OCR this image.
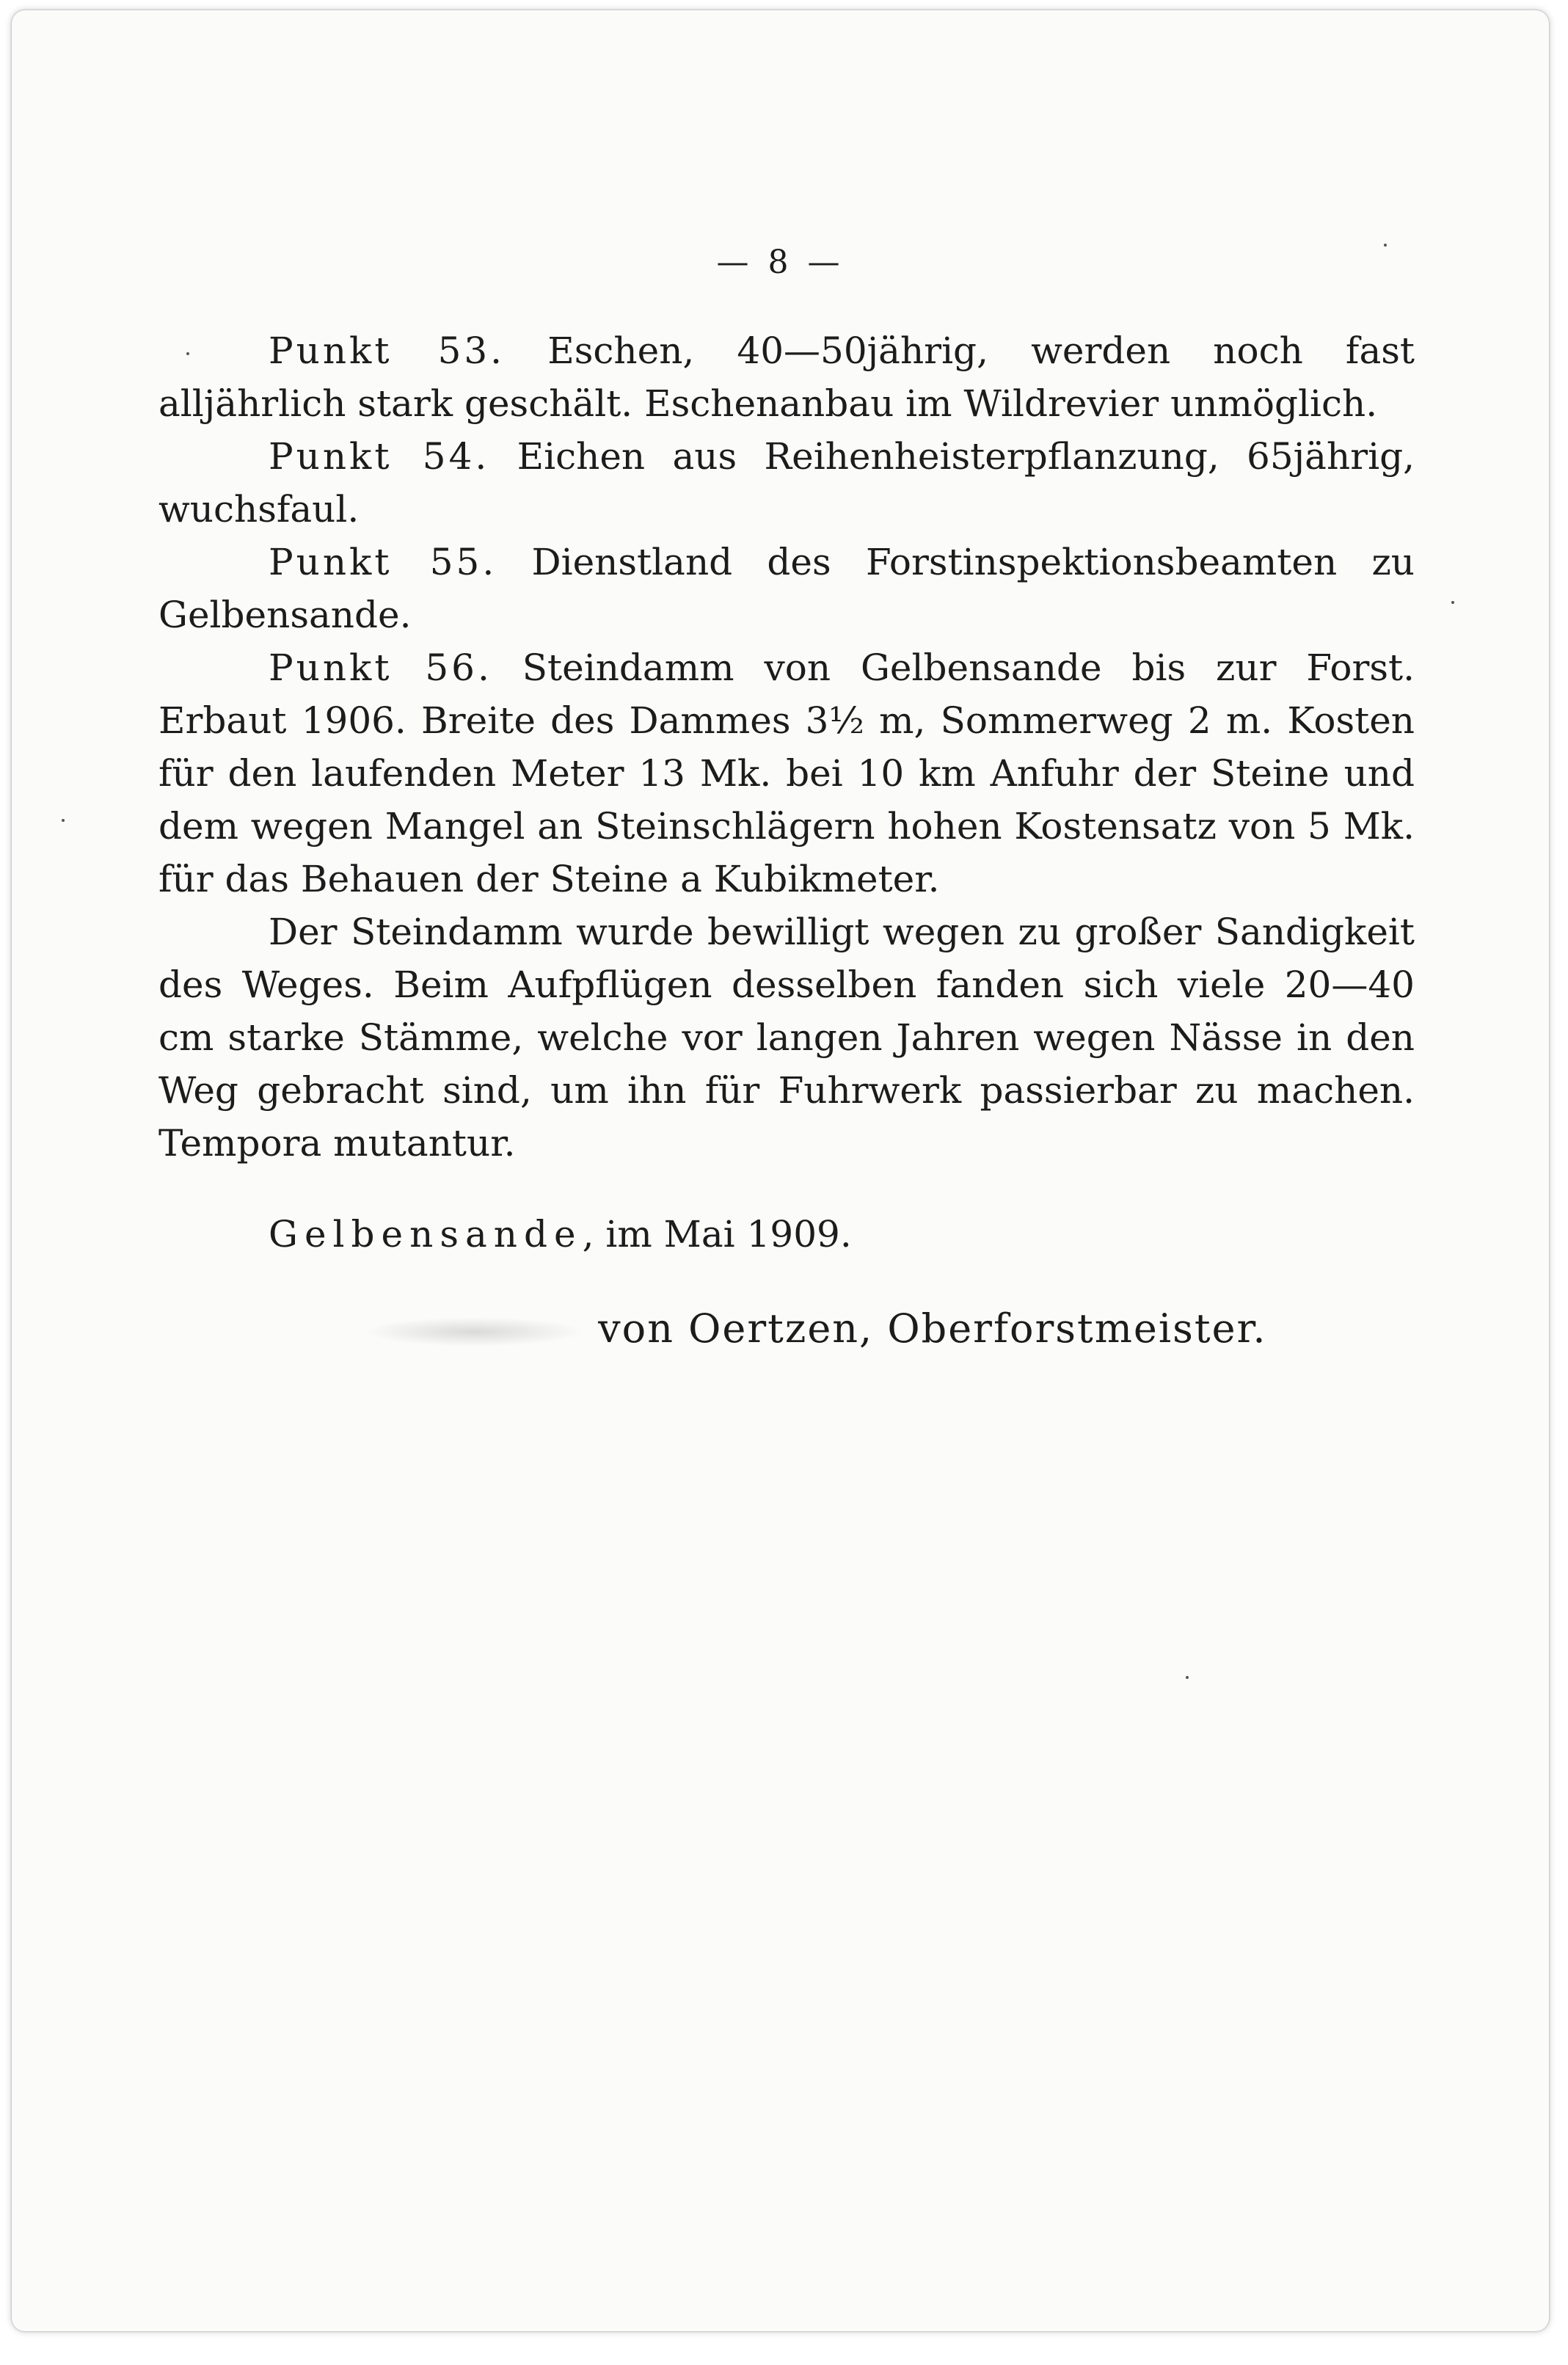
— 8 —

Punkt 53. Eschen, 40—50jährig, werden noch fast alljährlich stark geschält. Eschenanbau im Wildrevier unmöglich.

Punkt 54. Eichen aus Reihenheisterpflanzung, 65jährig, wuchsfaul.

Punkt 55. Dienstland des Forstinspektionsbeamten zu Gelbensande.

Punkt 56. Steindamm von Gelbensande bis zur Forst. Erbaut 1906. Breite des Dammes 3½ m, Sommerweg 2 m. Kosten für den laufenden Meter 13 Mk. bei 10 km Anfuhr der Steine und dem wegen Mangel an Steinschlägern hohen Kostensatz von 5 Mk. für das Behauen der Steine a Kubikmeter.

Der Steindamm wurde bewilligt wegen zu großer Sandigkeit des Weges. Beim Aufpflügen desselben fanden sich viele 20—40 cm starke Stämme, welche vor langen Jahren wegen Nässe in den Weg gebracht sind, um ihn für Fuhrwerk passierbar zu machen. Tempora mutantur.

Gelbensande, im Mai 1909.

von Oertzen, Oberforstmeister.
